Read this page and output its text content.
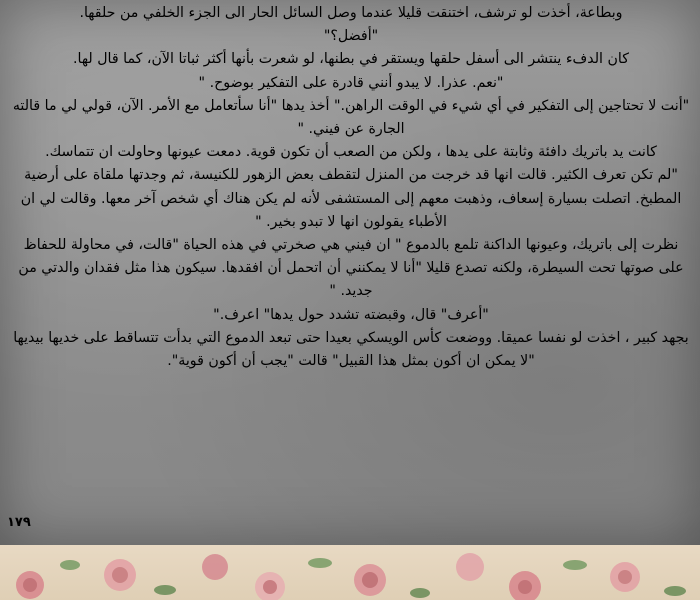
وبطاعة، أخذت لو ترشف، اختنقت قليلا عندما وصل السائل الحار الى الجزء الخلفي من حلقها.

"أفضل؟"

كان الدفء ينتشر الى أسفل حلقها ويستقر في بطنها، لو شعرت بأنها أكثر ثباتا الآن، كما قال لها.

"نعم. عذرا. لا يبدو أنني قادرة على التفكير بوضوح. "

"أنت لا تحتاجين إلى التفكير في أي شيء في الوقت الراهن." أخذ يدها "أنا سأتعامل مع الأمر. الآن، قولي لي ما قالته الجارة عن فيني. "

كانت يد باتريك دافئة وثابتة على يدها ، ولكن من الصعب أن تكون قوية. دمعت عيونها وحاولت ان تتماسك.

"لم تكن تعرف الكثير. قالت انها قد خرجت من المنزل لتقطف بعض الزهور للكنيسة، ثم وجدتها ملقاة على أرضية المطبخ. اتصلت بسيارة إسعاف، وذهبت معهم إلى المستشفى لأنه لم يكن هناك أي شخص آخر معها. وقالت لي ان الأطباء يقولون انها لا تبدو بخير. "

نظرت إلى باتريك، وعيونها الداكنة تلمع بالدموع " ان فيني هي صخرتي في هذه الحياة "قالت، في محاولة للحفاظ على صوتها تحت السيطرة، ولكنه تصدع قليلا "أنا لا يمكنني أن اتحمل أن افقدها. سيكون هذا مثل فقدان والدتي من جديد. "

"أعرف" قال، وقبضته تشدد حول يدها" اعرف."

بجهد كبير ، اخذت لو نفسا عميقا. ووضعت كأس الويسكي بعيدا حتى تبعد الدموع التي بدأت تتساقط على خديها بيديها "لا يمكن ان أكون بمثل هذا القبيل" قالت "يجب أن أكون قوية".

١٧٩
